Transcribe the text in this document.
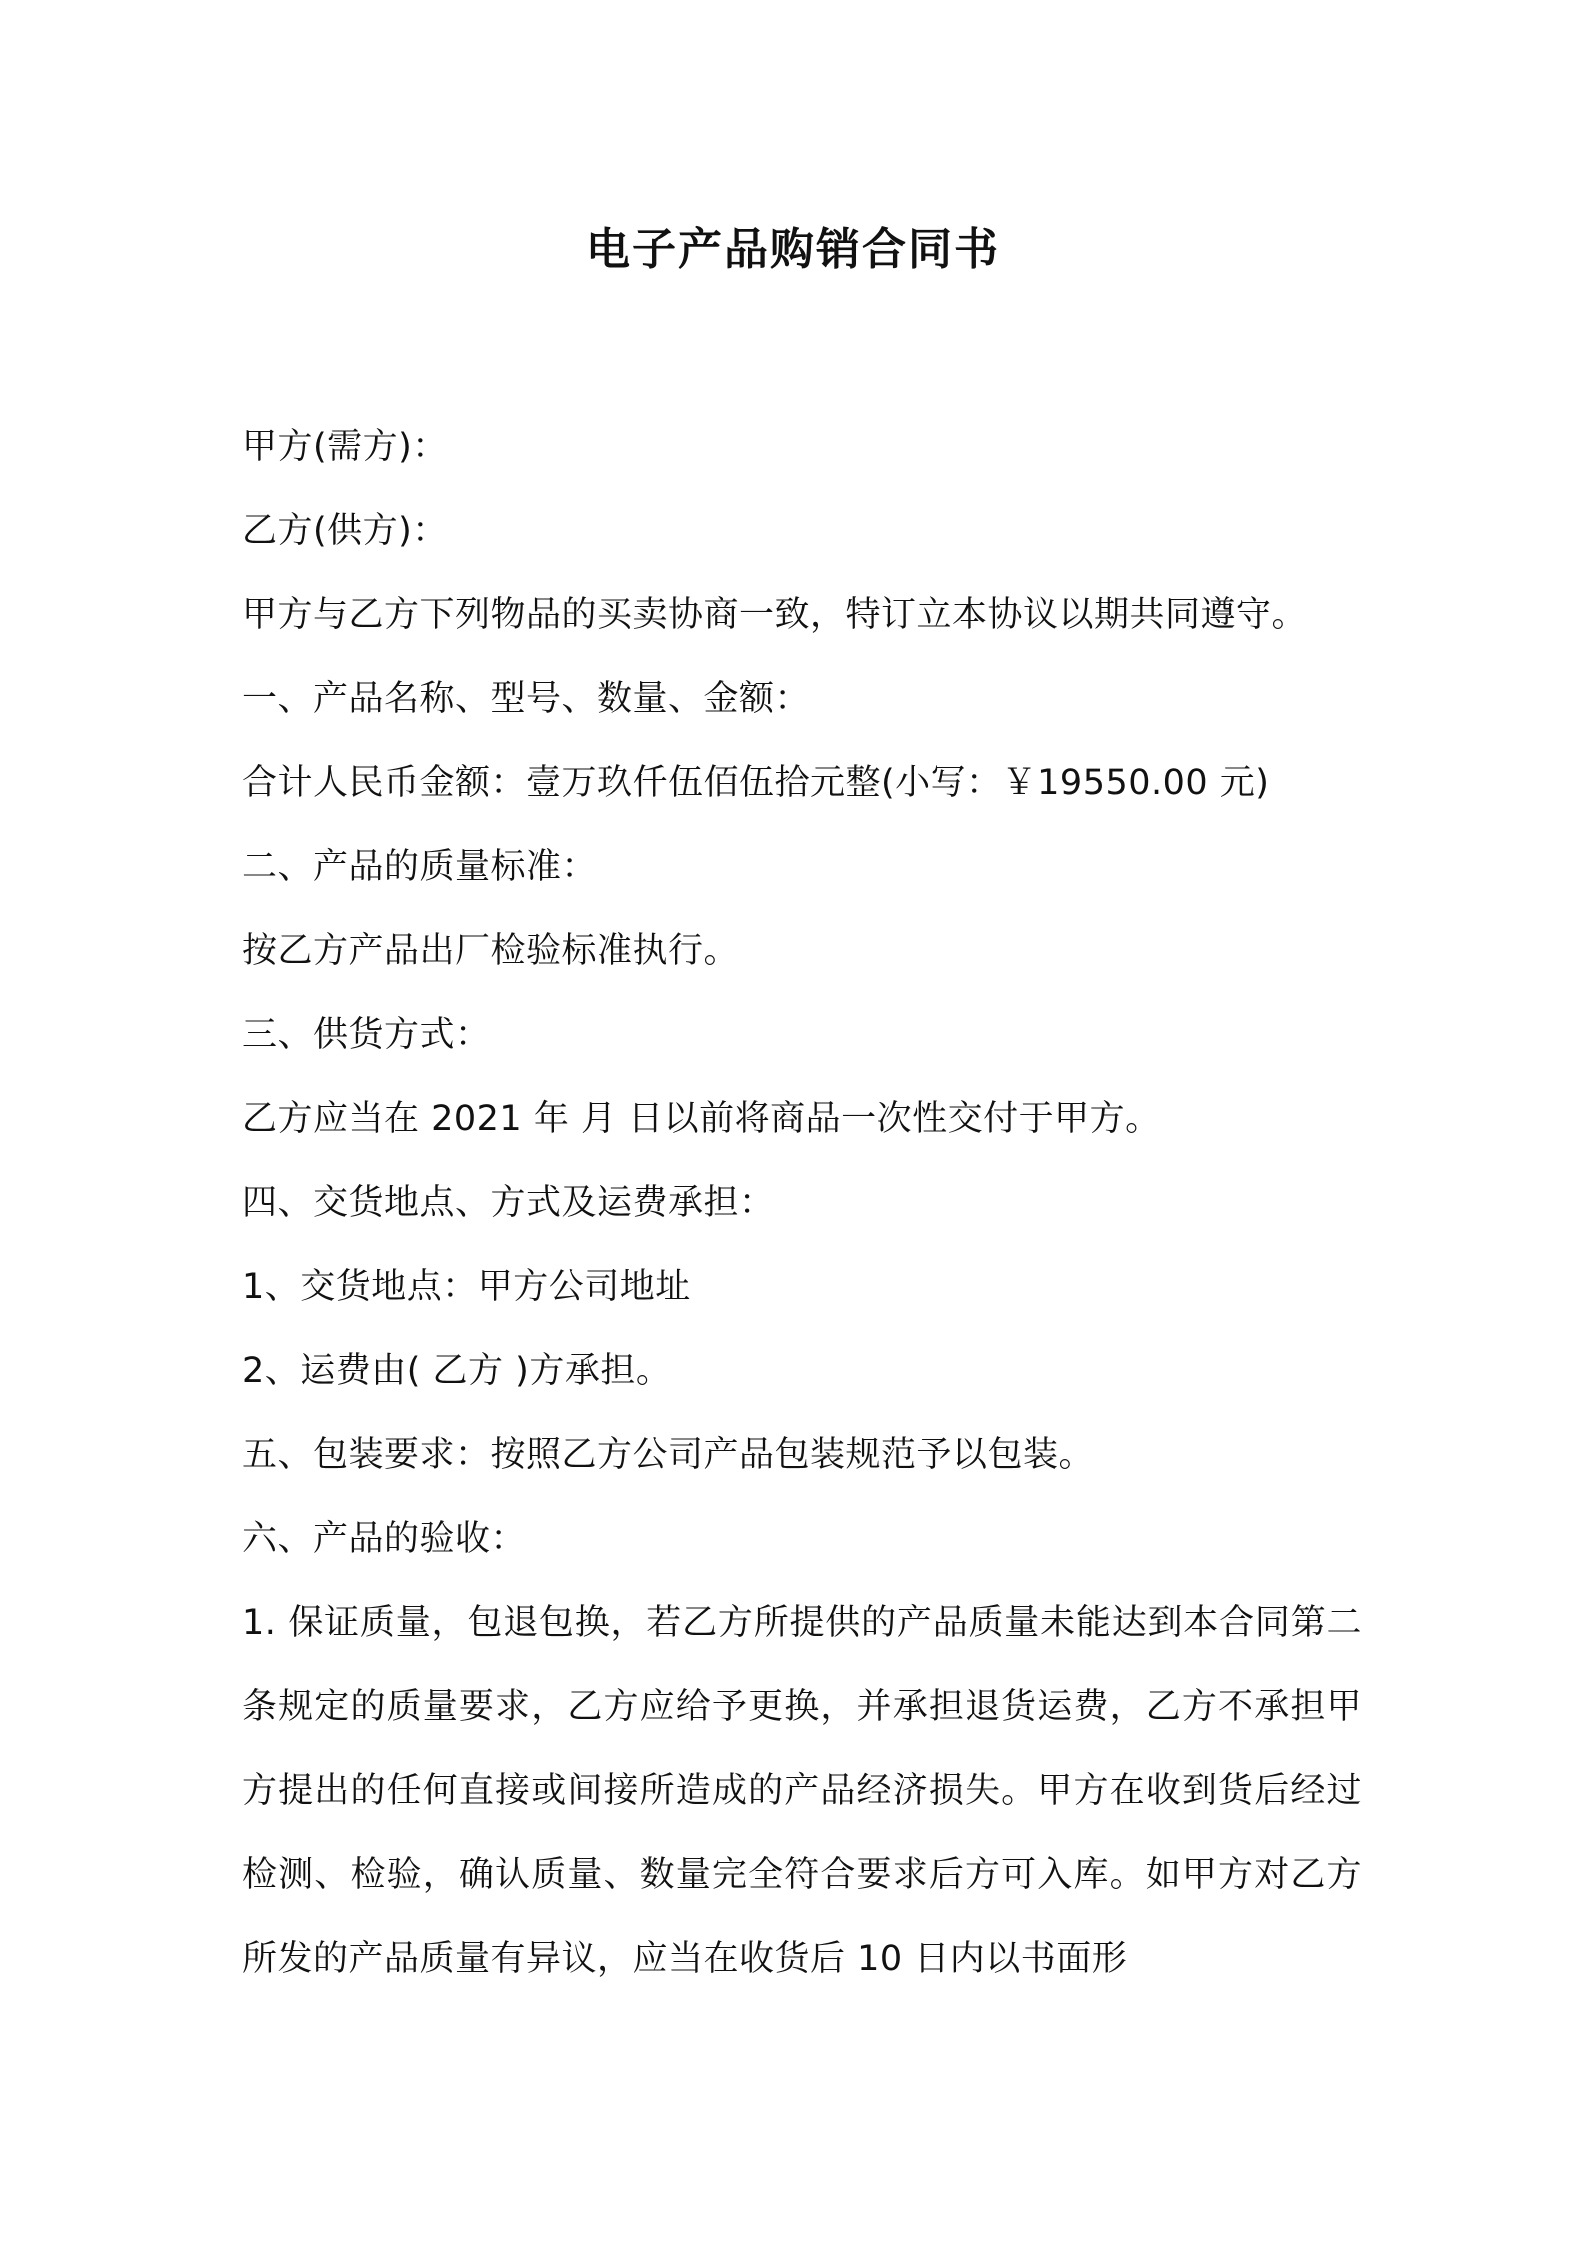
电子产品购销合同书
甲方(需方)：
乙方(供方)：
甲方与乙方下列物品的买卖协商一致，特订立本协议以期共同遵守。
一、产品名称、型号、数量、金额：
合计人民币金额：壹万玖仟伍佰伍拾元整(小写：￥19550.00 元)
二、产品的质量标准：
按乙方产品出厂检验标准执行。
三、供货方式：
乙方应当在 2021 年 月 日以前将商品一次性交付于甲方。
四、交货地点、方式及运费承担：
1、交货地点：甲方公司地址
2、运费由( 乙方 )方承担。
五、包装要求：按照乙方公司产品包装规范予以包装。
六、产品的验收：

1. 保证质量，包退包换，若乙方所提供的产品质量未能达到本合同第二条规定的质量要求，乙方应给予更换，并承担退货运费，乙方不承担甲方提出的任何直接或间接所造成的产品经济损失。甲方在收到货后经过检测、检验，确认质量、数量完全符合要求后方可入库。如甲方对乙方所发的产品质量有异议，应当在收货后 10 日内以书面形
